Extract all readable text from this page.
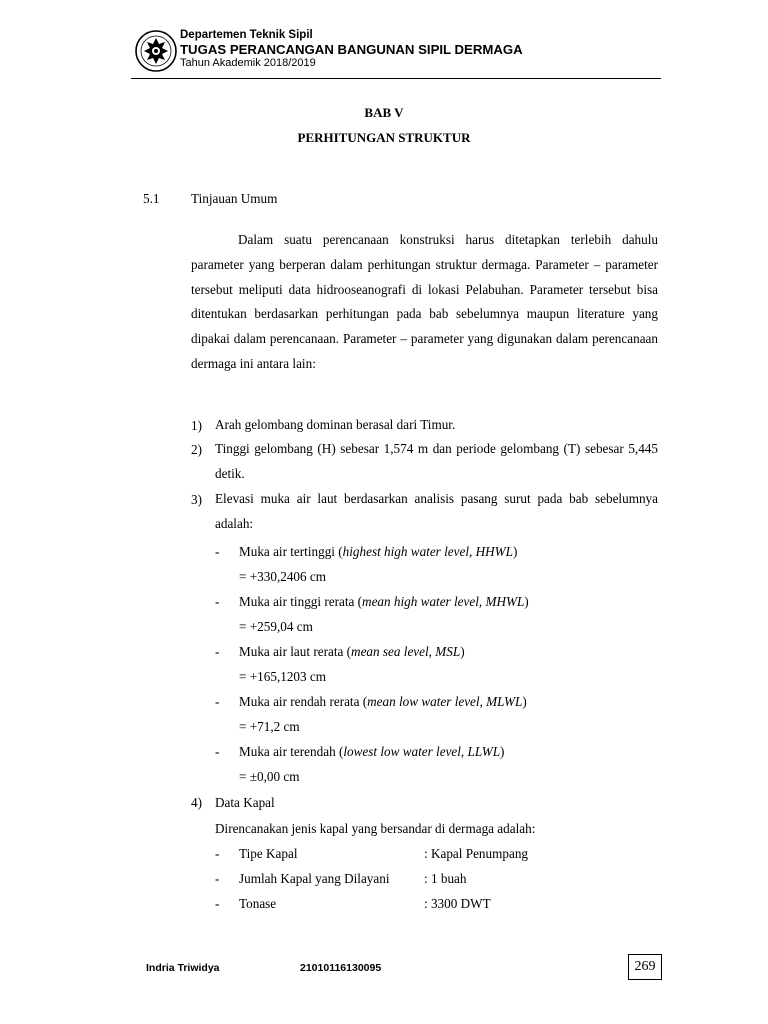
Departemen Teknik Sipil
TUGAS PERANCANGAN BANGUNAN SIPIL DERMAGA
Tahun Akademik 2018/2019
BAB V
PERHITUNGAN STRUKTUR
5.1 Tinjauan Umum
Dalam suatu perencanaan konstruksi harus ditetapkan terlebih dahulu parameter yang berperan dalam perhitungan struktur dermaga. Parameter – parameter tersebut meliputi data hidrooseanografi di lokasi Pelabuhan. Parameter tersebut bisa ditentukan berdasarkan perhitungan pada bab sebelumnya maupun literature yang dipakai dalam perencanaan. Parameter – parameter yang digunakan dalam perencanaan dermaga ini antara lain:
1) Arah gelombang dominan berasal dari Timur.
2) Tinggi gelombang (H) sebesar 1,574 m dan periode gelombang (T) sebesar 5,445 detik.
3) Elevasi muka air laut berdasarkan analisis pasang surut pada bab sebelumnya adalah:
- Muka air tertinggi (highest high water level, HHWL)
= +330,2406 cm
- Muka air tinggi rerata (mean high water level, MHWL)
= +259,04 cm
- Muka air laut rerata (mean sea level, MSL)
= +165,1203 cm
- Muka air rendah rerata (mean low water level, MLWL)
= +71,2 cm
- Muka air terendah (lowest low water level, LLWL)
= ±0,00 cm
4) Data Kapal
Direncanakan jenis kapal yang bersandar di dermaga adalah:
- Tipe Kapal	: Kapal Penumpang
- Jumlah Kapal yang Dilayani	: 1 buah
- Tonase	: 3300 DWT
Indria Triwidya	21010116130095	269
